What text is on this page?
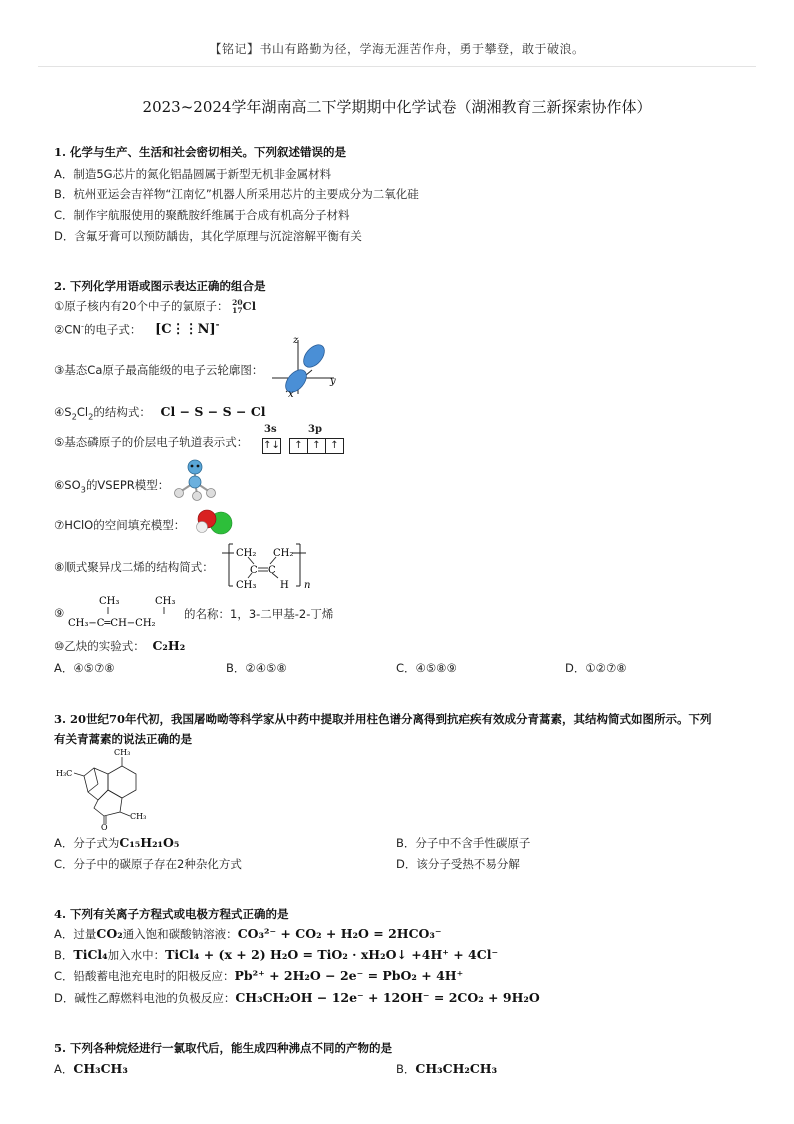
【铭记】书山有路勤为径，学海无涯苦作舟，勇于攀登，敢于破浪。
2023~2024学年湖南高二下学期期中化学试卷（湖湘教育三新探索协作体）
1. 化学与生产、生活和社会密切相关。下列叙述错误的是
A．制造5G芯片的氮化铝晶圆属于新型无机非金属材料
B．杭州亚运会吉祥物“江南忆”机器人所采用芯片的主要成分为二氧化硅
C．制作宇航服使用的聚酰胺纤维属于合成有机高分子材料
D．含氟牙膏可以预防龋齿，其化学原理与沉淀溶解平衡有关
2. 下列化学用语或图示表达正确的组合是
①原子核内有20个中子的氯原子： 20
17 Cl
②CN-的电子式： [C⋮⋮N]-
③基态Ca原子最高能级的电子云轮廓图：
z
y
x
$④S_2Cl_2$的结构式： Cl − S − S − Cl
⑤基态磷原子的价层电子轨道表示式：
3s	3p
↑↓	↑ ↑ ↑
$⑥SO_3$的VSEPR模型：
⑦HClO的空间填充模型：
⑧顺式聚异戊二烯的结构简式：
CH₂ CH₂
C C
CH₃ H n
⑨
CH₃	CH₃
CH₃−C═CH−CH₂
的名称：1，3-二甲基-2-丁烯
⑩乙炔的实验式： C₂H₂
A．④⑤⑦⑧	B．②④⑤⑧	C．④⑤⑧⑨	D．①②⑦⑧
3. 20世纪70年代初，我国屠呦呦等科学家从中药中提取并用柱色谱分离得到抗疟疾有效成分青蒿素，其结构简式如图所示。下列
有关青蒿素的说法正确的是
CH₃
H₃C
CH₃
O
A．分子式为C₁₅H₂₁O₅	B．分子中不含手性碳原子
C．分子中的碳原子存在2种杂化方式	D．该分子受热不易分解
4. 下列有关离子方程式或电极方程式正确的是
A．过量CO₂通入饱和碳酸钠溶液：CO₃²⁻ + CO₂ + H₂O = 2HCO₃⁻
B．TiCl₄加入水中：TiCl₄ + (x + 2) H₂O = TiO₂ · xH₂O↓ +4H⁺ + 4Cl⁻
C．铅酸蓄电池充电时的阳极反应：Pb²⁺ + 2H₂O − 2e⁻ = PbO₂ + 4H⁺
D．碱性乙醇燃料电池的负极反应：CH₃CH₂OH − 12e⁻ + 12OH⁻ = 2CO₂ + 9H₂O
5. 下列各种烷烃进行一氯取代后，能生成四种沸点不同的产物的是
A．CH₃CH₃	B．CH₃CH₂CH₃
